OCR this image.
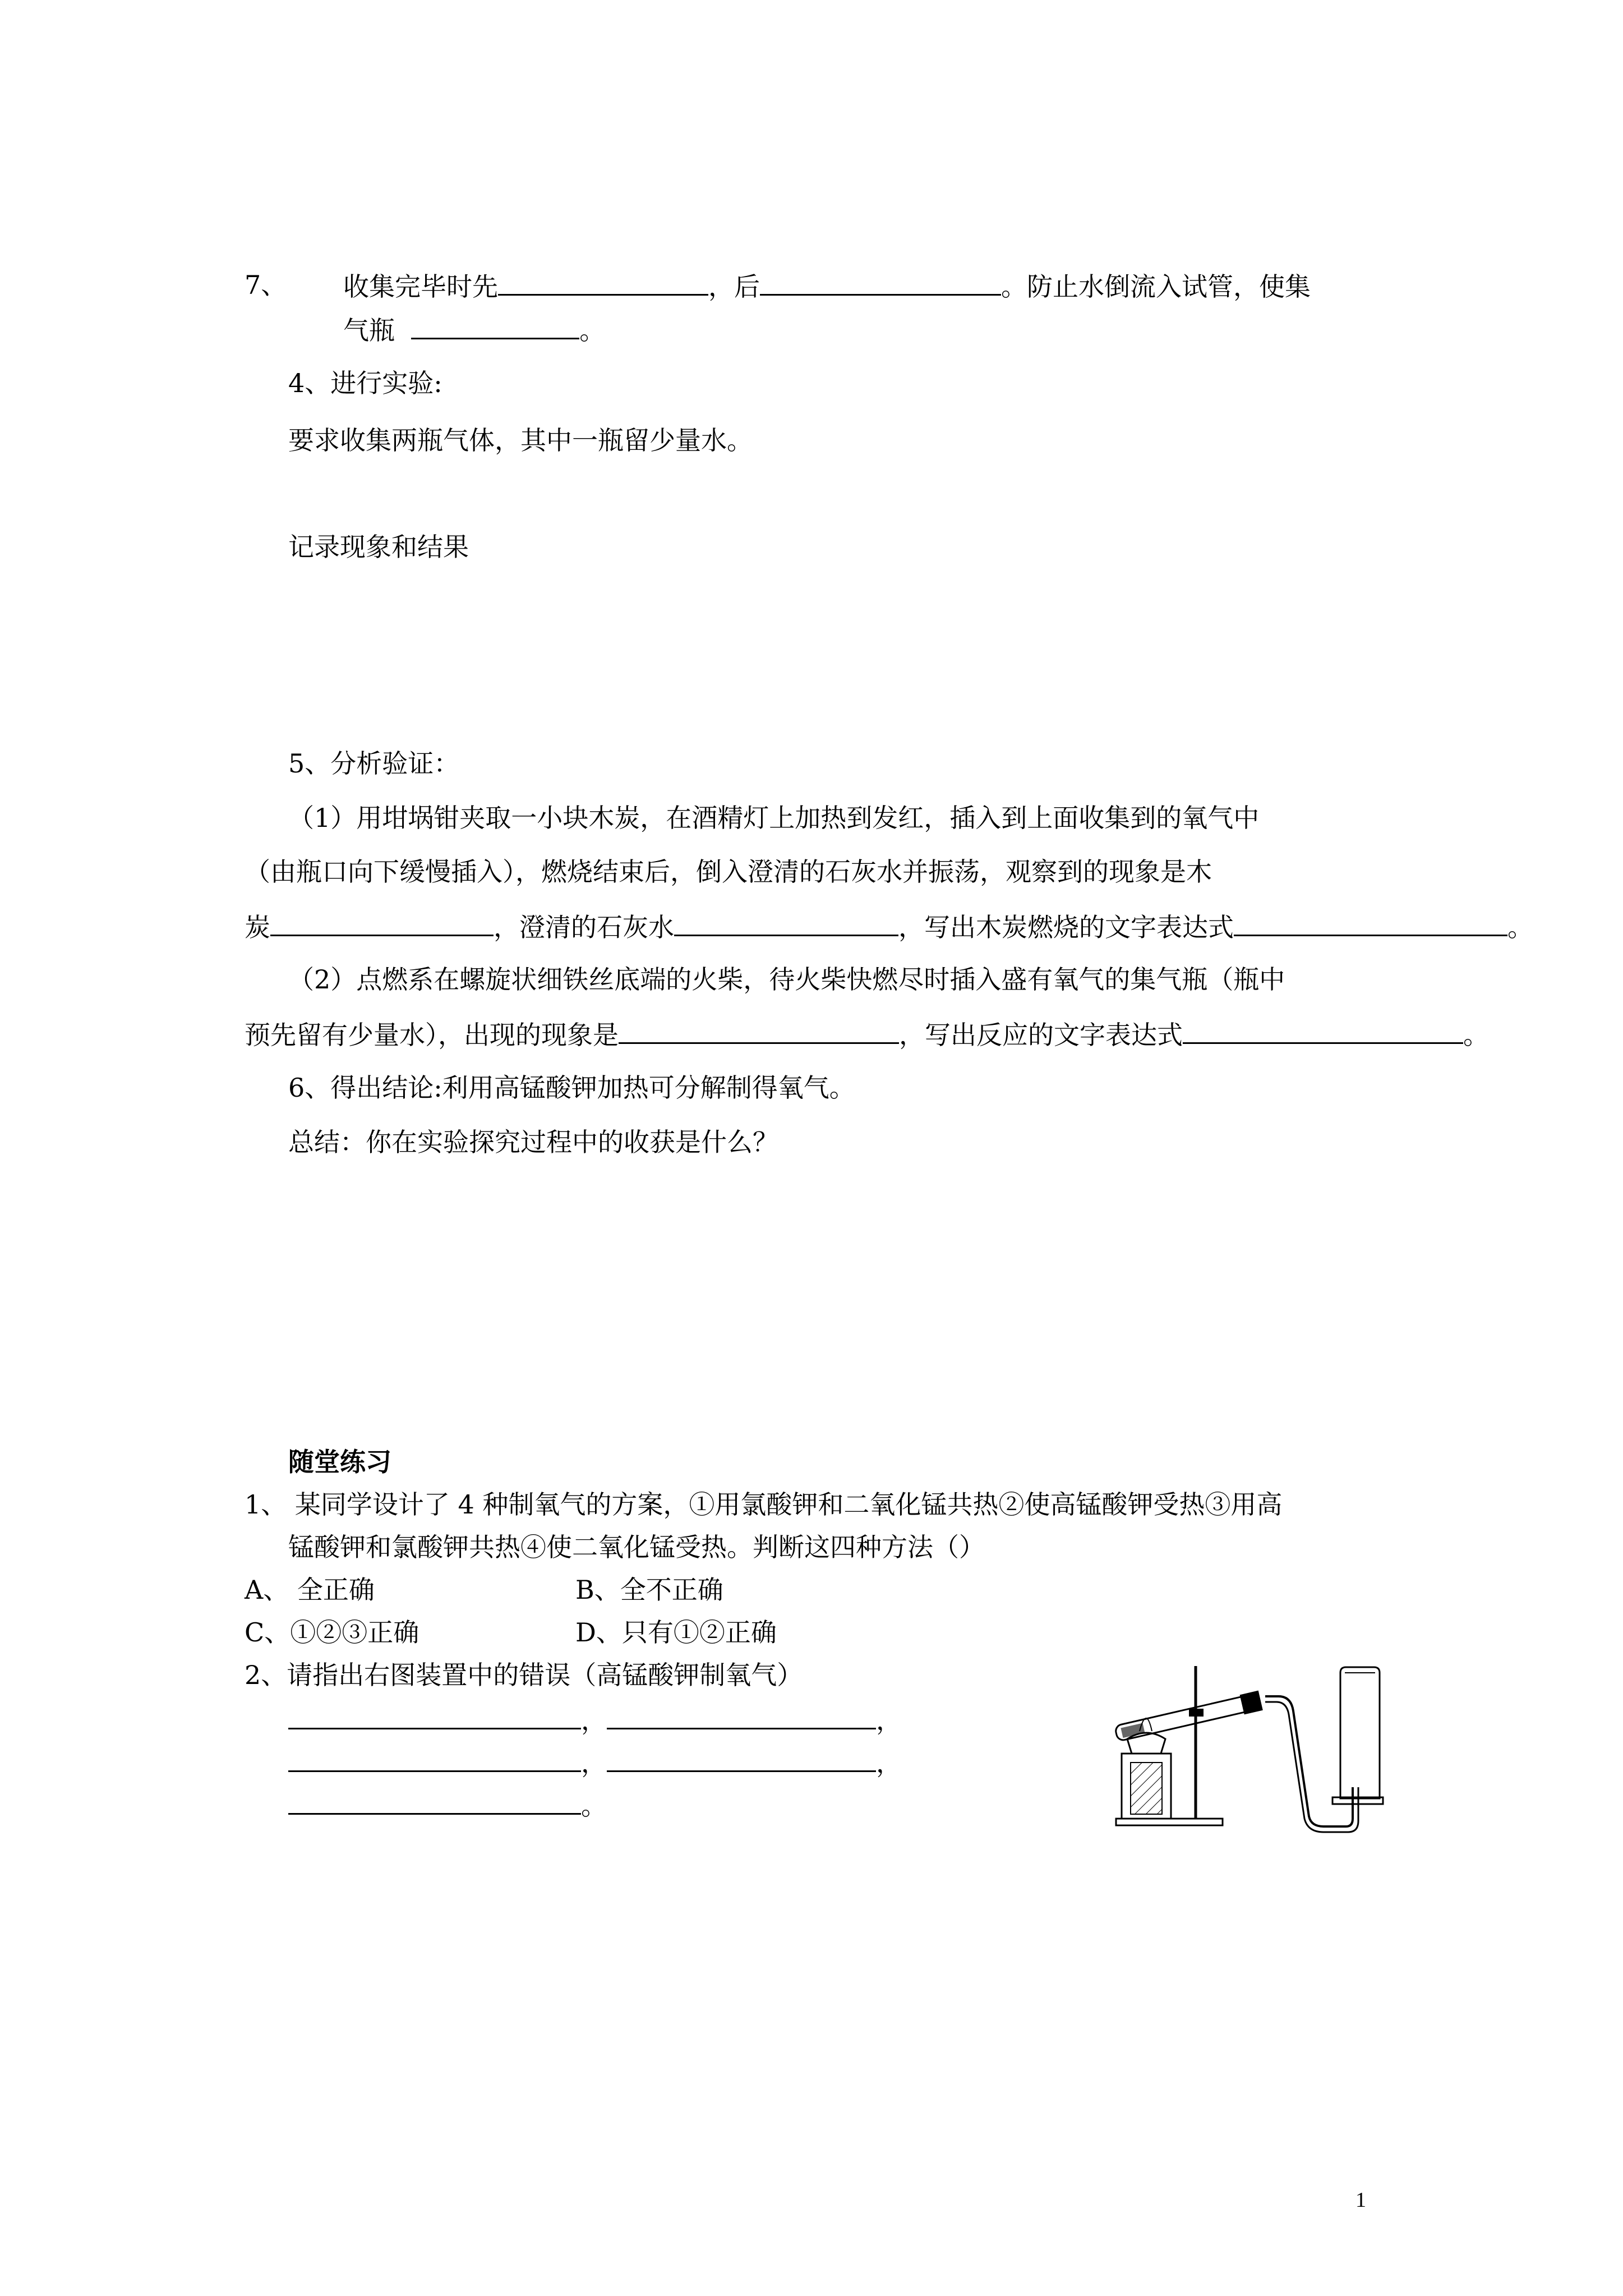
7、 收集完毕时先	，后	。防止水倒流入试管，使集
气瓶	。
4、进行实验:
要求收集两瓶气体，其中一瓶留少量水。
记录现象和结果
5、分析验证：
（1）用坩埚钳夹取一小块木炭，在酒精灯上加热到发红，插入到上面收集到的氧气中
（由瓶口向下缓慢插入），燃烧结束后，倒入澄清的石灰水并振荡，观察到的现象是木
炭	，澄清的石灰水	，写出木炭燃烧的文字表达式	。
（2）点燃系在螺旋状细铁丝底端的火柴，待火柴快燃尽时插入盛有氧气的集气瓶（瓶中
预先留有少量水），出现的现象是	，写出反应的文字表达式	。
6、得出结论:利用高锰酸钾加热可分解制得氧气。
总结：你在实验探究过程中的收获是什么？
随堂练习
1、 某同学设计了 4 种制氧气的方案，①用氯酸钾和二氧化锰共热②使高锰酸钾受热③用高
锰酸钾和氯酸钾共热④使二氧化锰受热。判断这四种方法（）
A、 全正确	B、全不正确
C、①②③正确	D、只有①②正确
2、请指出右图装置中的错误（高锰酸钾制氧气）
，	，
，	，
。
1
